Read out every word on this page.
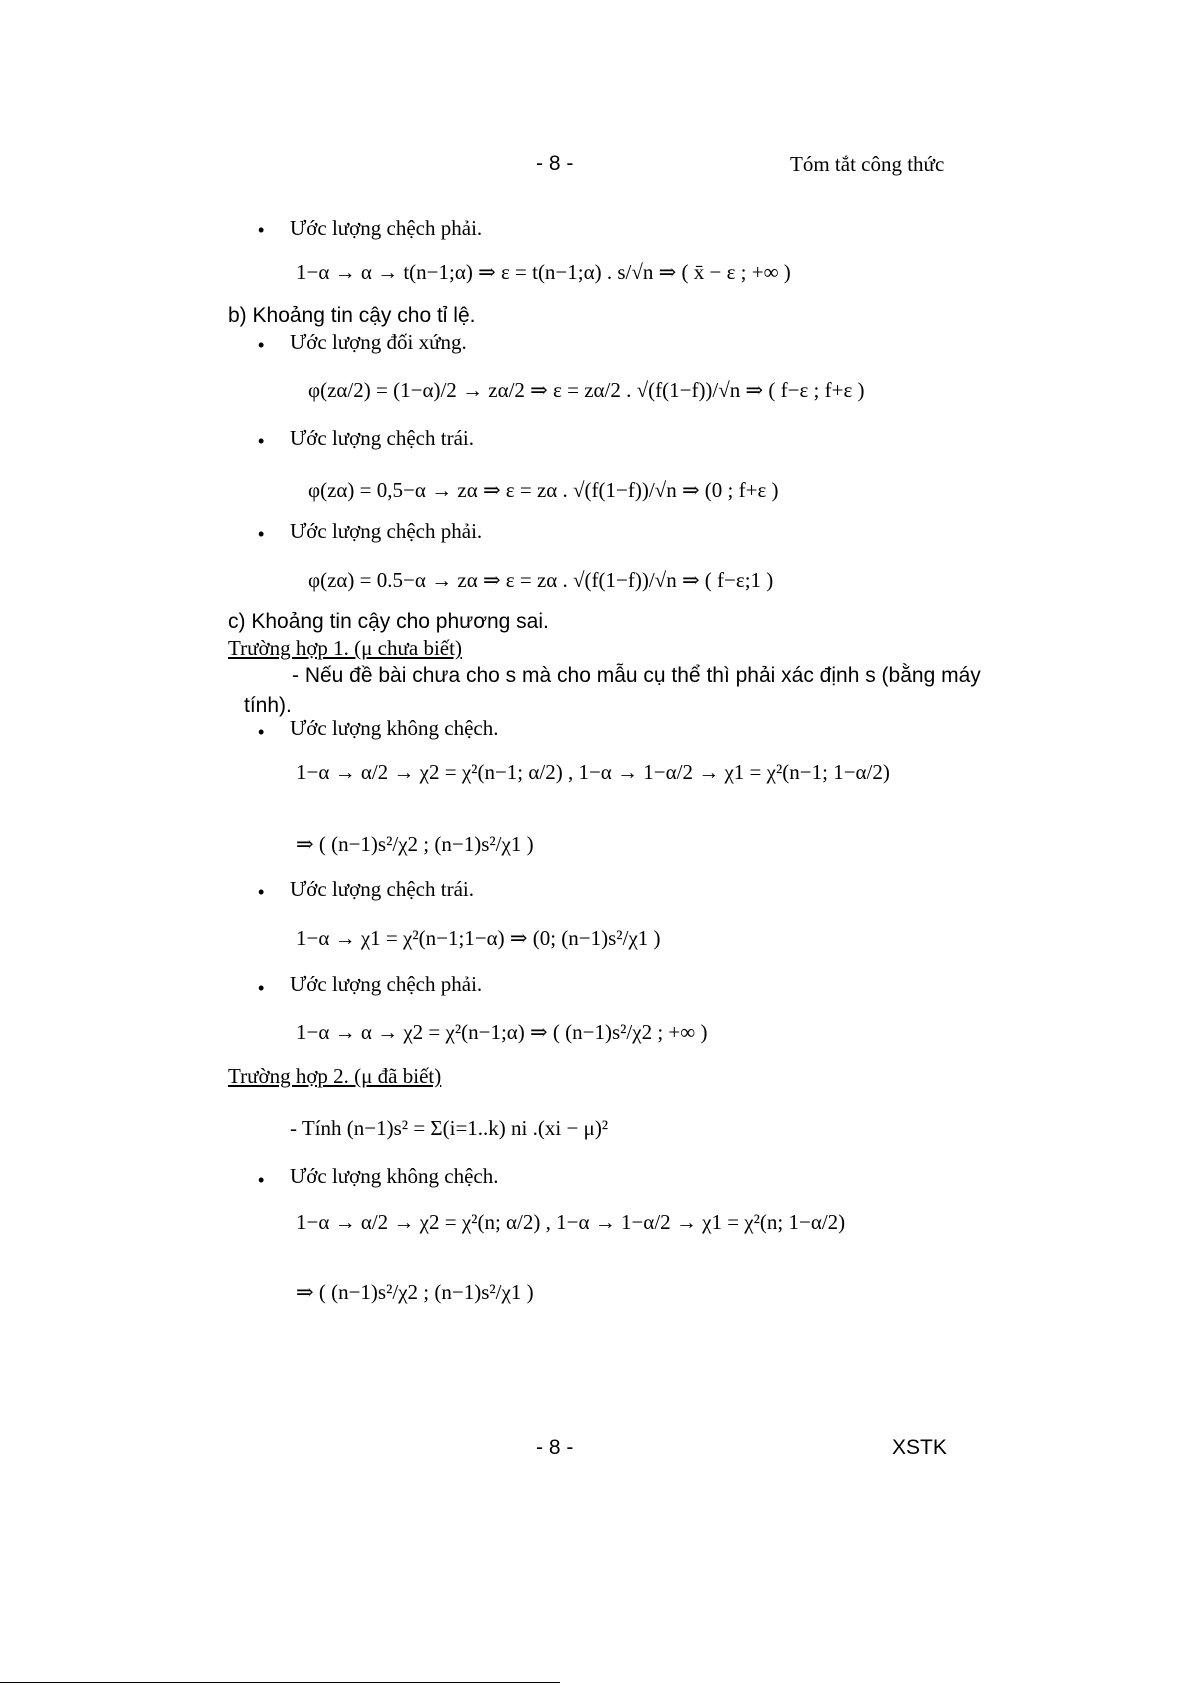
- 8 -	Tóm tắt công thức
• Ước lượng chệch phải.
1−α → α → t(n−1;α) ⇒ ε = t(n−1;α) . s/√n ⇒ ( x̄ − ε ; +∞ )
b) Khoảng tin cậy cho tỉ lệ.
• Ước lượng đối xứng.
φ(zα/2) = (1−α)/2 → zα/2 ⇒ ε = zα/2 . √(f(1−f))/√n ⇒ ( f−ε ; f+ε )
• Ước lượng chệch trái.
φ(zα) = 0,5−α → zα ⇒ ε = zα . √(f(1−f))/√n ⇒ (0 ; f+ε )
• Ước lượng chệch phải.
φ(zα) = 0.5−α → zα ⇒ ε = zα . √(f(1−f))/√n ⇒ ( f−ε;1 )
c) Khoảng tin cậy cho phương sai.
Trường hợp 1. (μ chưa biết)
- Nếu đề bài chưa cho s mà cho mẫu cụ thể thì phải xác định s (bằng máy
tính).
• Ước lượng không chệch.
1−α → α/2 → χ2 = χ²(n−1; α/2) , 1−α → 1−α/2 → χ1 = χ²(n−1; 1−α/2)
⇒ ( (n−1)s²/χ2 ; (n−1)s²/χ1 )
• Ước lượng chệch trái.
1−α → χ1 = χ²(n−1;1−α) ⇒ (0; (n−1)s²/χ1 )
• Ước lượng chệch phải.
1−α → α → χ2 = χ²(n−1;α) ⇒ ( (n−1)s²/χ2 ; +∞ )
Trường hợp 2. (μ đã biết)
- Tính (n−1)s² = Σ(i=1..k) ni .(xi − μ)²
• Ước lượng không chệch.
1−α → α/2 → χ2 = χ²(n; α/2) , 1−α → 1−α/2 → χ1 = χ²(n; 1−α/2)
⇒ ( (n−1)s²/χ2 ; (n−1)s²/χ1 )
- 8 -	XSTK
